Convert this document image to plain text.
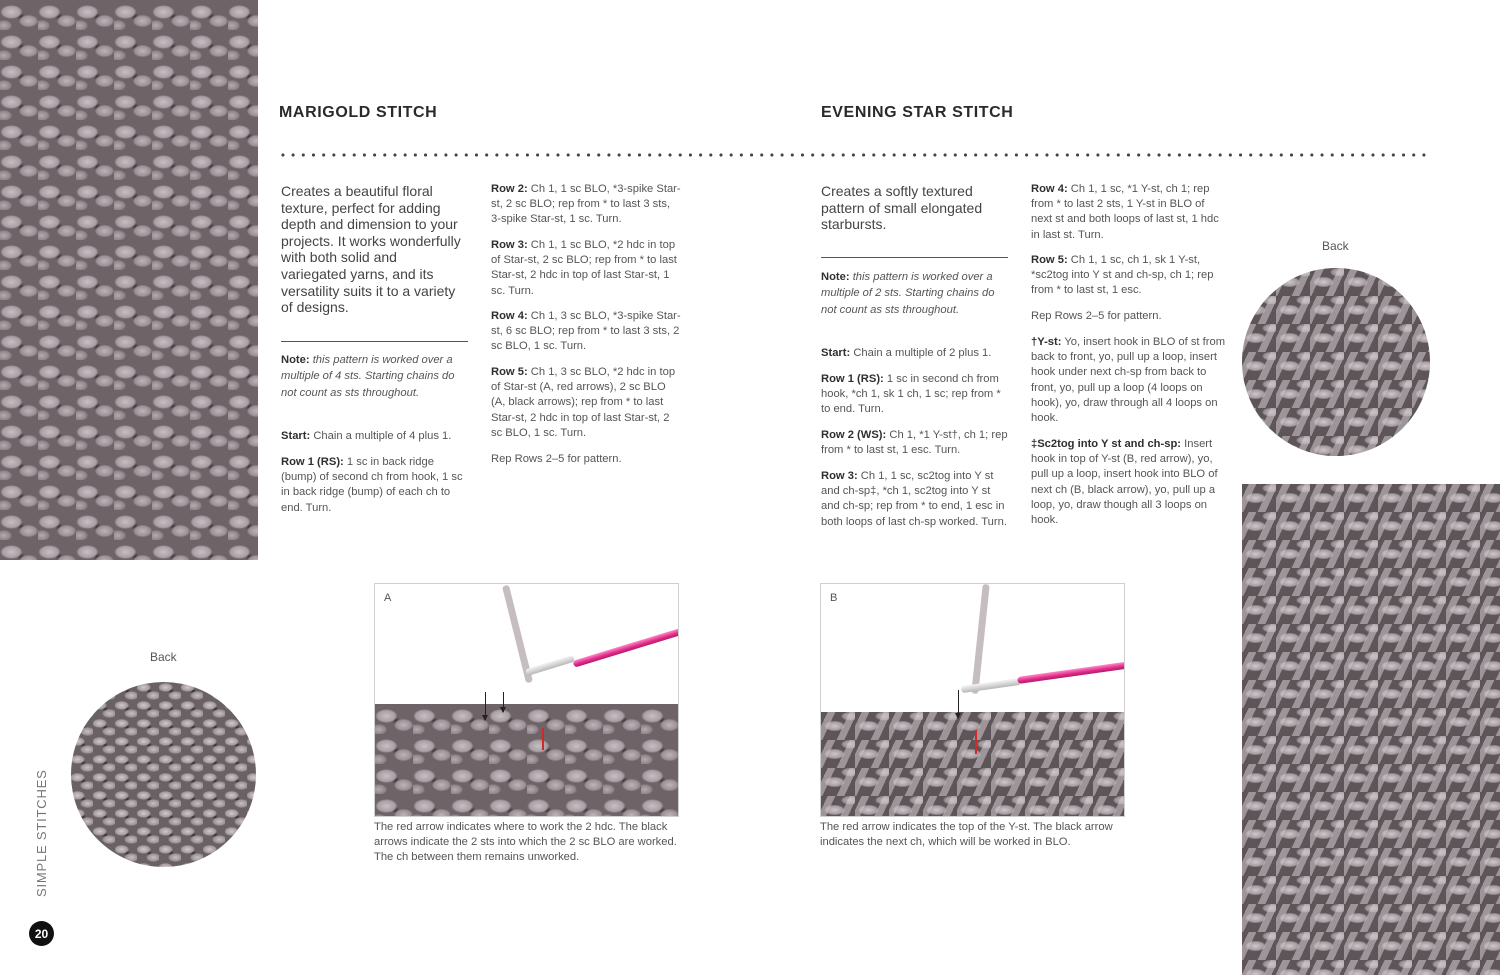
Back
Back
MARIGOLD STITCH	EVENING STAR STITCH

Creates a beautiful floral texture, perfect for adding depth and dimension to your projects. It works wonderfully with both solid and variegated yarns, and its versatility suits it to a variety of designs.

Note: this pattern is worked over a multiple of 4 sts. Starting chains do not count as sts throughout.

Start: Chain a multiple of 4 plus 1.

Row 1 (RS): 1 sc in back ridge (bump) of second ch from hook, 1 sc in back ridge (bump) of each ch to end. Turn.

Row 2: Ch 1, 1 sc BLO, *3-spike Star-st, 2 sc BLO; rep from * to last 3 sts, 3-spike Star-st, 1 sc. Turn.

Row 3: Ch 1, 1 sc BLO, *2 hdc in top of Star-st, 2 sc BLO; rep from * to last Star-st, 2 hdc in top of last Star-st, 1 sc. Turn.

Row 4: Ch 1, 3 sc BLO, *3-spike Star-st, 6 sc BLO; rep from * to last 3 sts, 2 sc BLO, 1 sc. Turn.

Row 5: Ch 1, 3 sc BLO, *2 hdc in top of Star-st (A, red arrows), 2 sc BLO (A, black arrows); rep from * to last Star-st, 2 hdc in top of last Star-st, 2 sc BLO, 1 sc. Turn.

Rep Rows 2–5 for pattern.

A

The red arrow indicates where to work the 2 hdc. The black arrows indicate the 2 sts into which the 2 sc BLO are worked. The ch between them remains unworked.

Creates a softly textured pattern of small elongated starbursts.

Note: this pattern is worked over a multiple of 2 sts. Starting chains do not count as sts throughout.

Start: Chain a multiple of 2 plus 1.

Row 1 (RS): 1 sc in second ch from hook, *ch 1, sk 1 ch, 1 sc; rep from * to end. Turn.

Row 2 (WS): Ch 1, *1 Y-st†, ch 1; rep from * to last st, 1 esc. Turn.

Row 3: Ch 1, 1 sc, sc2tog into Y st and ch-sp‡, *ch 1, sc2tog into Y st and ch-sp; rep from * to end, 1 esc in both loops of last ch-sp worked. Turn.

Row 4: Ch 1, 1 sc, *1 Y-st, ch 1; rep from * to last 2 sts, 1 Y-st in BLO of next st and both loops of last st, 1 hdc in last st. Turn.

Row 5: Ch 1, 1 sc, ch 1, sk 1 Y-st, *sc2tog into Y st and ch-sp, ch 1; rep from * to last st, 1 esc.

Rep Rows 2–5 for pattern.

†Y-st: Yo, insert hook in BLO of st from back to front, yo, pull up a loop, insert hook under next ch-sp from back to front, yo, pull up a loop (4 loops on hook), yo, draw through all 4 loops on hook.

‡Sc2tog into Y st and ch-sp: Insert hook in top of Y-st (B, red arrow), yo, pull up a loop, insert hook into BLO of next ch (B, black arrow), yo, pull up a loop, yo, draw though all 3 loops on hook.

B

The red arrow indicates the top of the Y-st. The black arrow indicates the next ch, which will be worked in BLO.

SIMPLE STITCHES
20
